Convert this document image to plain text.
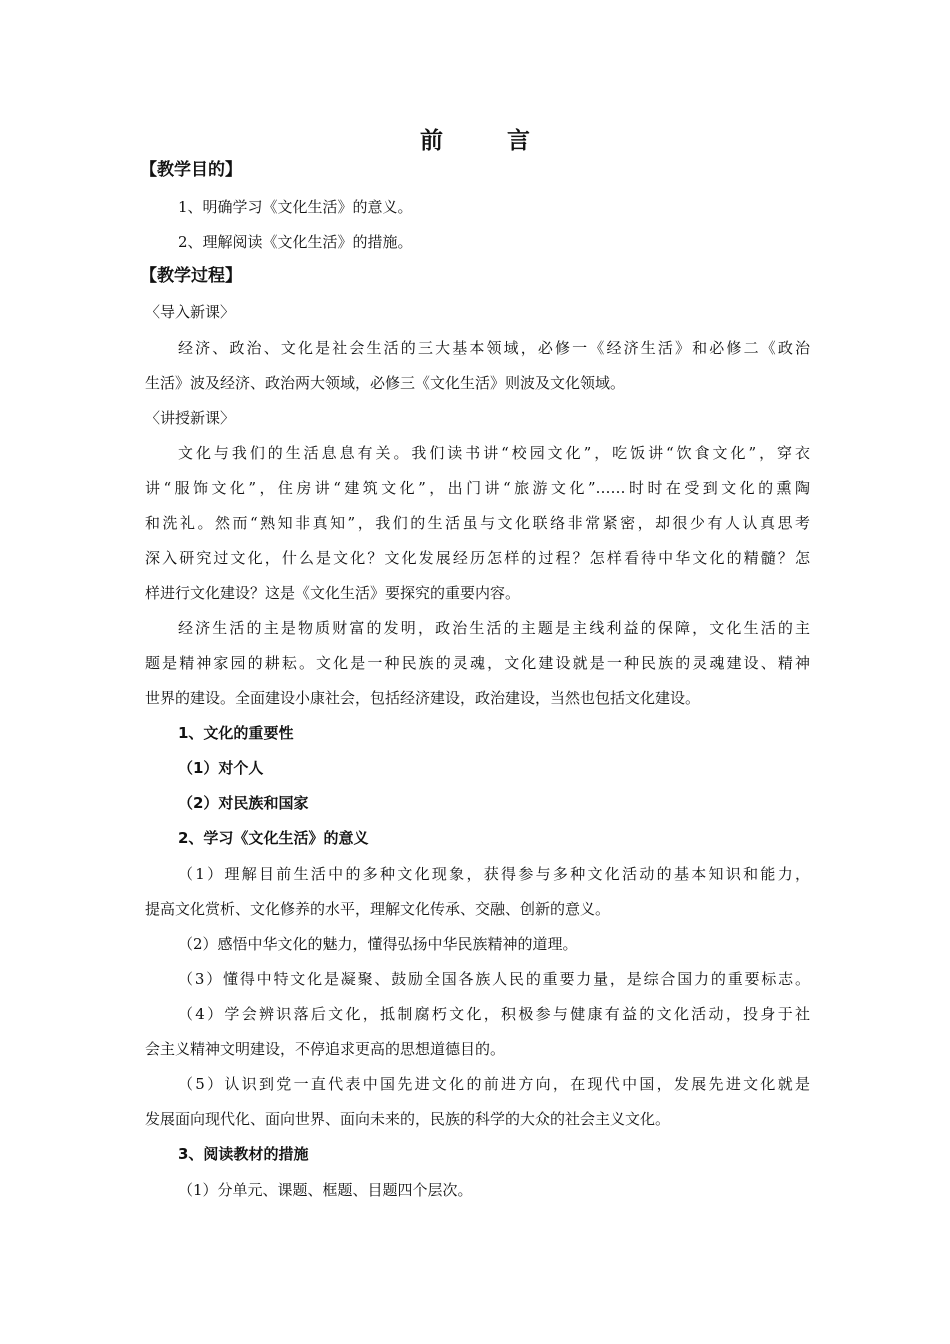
前 言
【教学目的】
1、明确学习《文化生活》的意义。
2、理解阅读《文化生活》的措施。
【教学过程】
〈导入新课〉
经济、政治、文化是社会生活的三大基本领域，必修一《经济生活》和必修二《政治
生活》波及经济、政治两大领域，必修三《文化生活》则波及文化领域。
〈讲授新课〉
文化与我们的生活息息有关。我们读书讲“校园文化”，吃饭讲“饮食文化”，穿衣
讲“服饰文化”，住房讲“建筑文化”，出门讲“旅游文化”……时时在受到文化的熏陶
和洗礼。然而“熟知非真知”，我们的生活虽与文化联络非常紧密，却很少有人认真思考
深入研究过文化，什么是文化？文化发展经历怎样的过程？怎样看待中华文化的精髓？怎
样进行文化建设？这是《文化生活》要探究的重要内容。
经济生活的主是物质财富的发明，政治生活的主题是主线利益的保障，文化生活的主
题是精神家园的耕耘。文化是一种民族的灵魂，文化建设就是一种民族的灵魂建设、精神
世界的建设。全面建设小康社会，包括经济建设，政治建设，当然也包括文化建设。
1、文化的重要性
（1）对个人
（2）对民族和国家
2、学习《文化生活》的意义
（1）理解目前生活中的多种文化现象，获得参与多种文化活动的基本知识和能力，
提高文化赏析、文化修养的水平，理解文化传承、交融、创新的意义。
（2）感悟中华文化的魅力，懂得弘扬中华民族精神的道理。
（3）懂得中特文化是凝聚、鼓励全国各族人民的重要力量，是综合国力的重要标志。
（4）学会辨识落后文化，抵制腐朽文化，积极参与健康有益的文化活动，投身于社
会主义精神文明建设，不停追求更高的思想道德目的。
（5）认识到党一直代表中国先进文化的前进方向，在现代中国，发展先进文化就是
发展面向现代化、面向世界、面向未来的，民族的科学的大众的社会主义文化。
3、阅读教材的措施
（1）分单元、课题、框题、目题四个层次。
